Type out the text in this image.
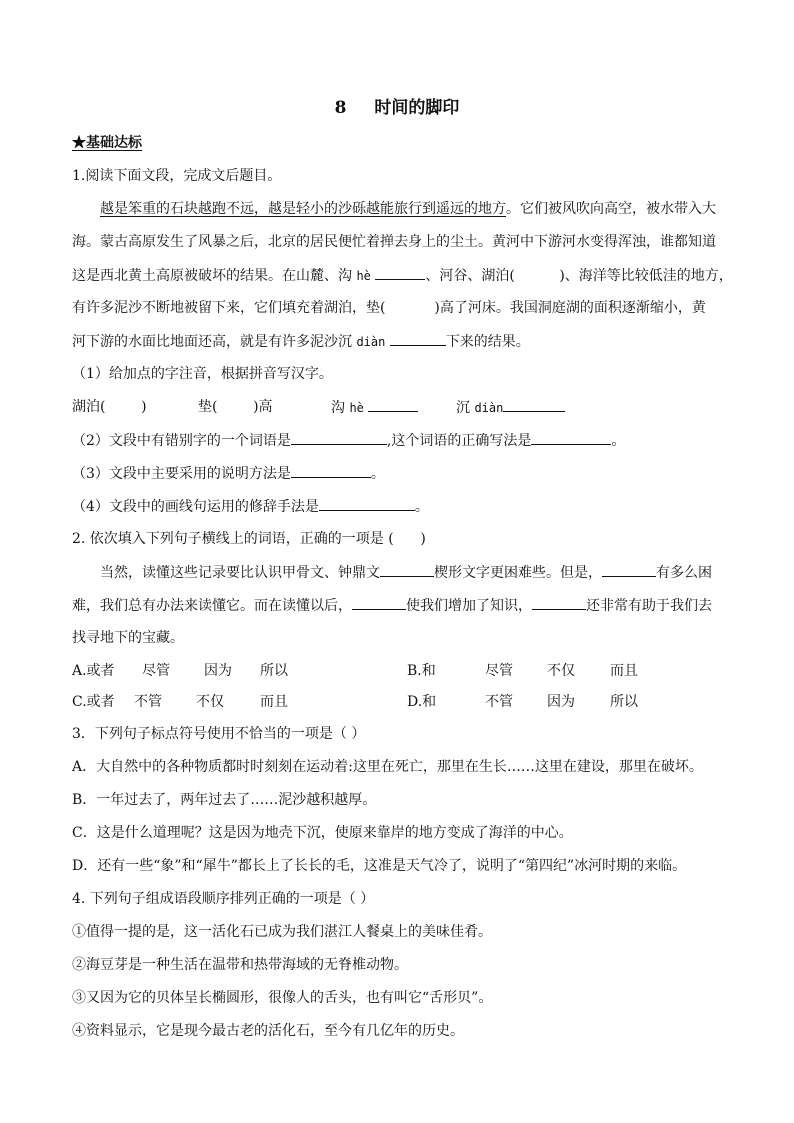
8 时间的脚印
★基础达标
1.阅读下面文段，完成文后题目。
越是笨重的石块越跑不远，越是轻小的沙砾越能旅行到遥远的地方。它们被风吹向高空，被水带入大
海。蒙古高原发生了风暴之后，北京的居民便忙着掸去身上的尘土。黄河中下游河水变得浑浊，谁都知道
这是西北黄土高原被破坏的结果。在山麓、沟 hè	、河谷、湖泊(	)、海洋等比较低洼的地方，
有许多泥沙不断地被留下来，它们填充着湖泊，垫(	)高了河床。我国洞庭湖的面积逐渐缩小，黄
河下游的水面比地面还高，就是有许多泥沙沉 diàn	下来的结果。
（1）给加点的字注音，根据拼音写汉字。
湖泊(	)	垫(	)高	沟 hè	沉 diàn
（2）文段中有错别字的一个词语是	,这个词语的正确写法是	。
（3）文段中主要采用的说明方法是	。
（4）文段中的画线句运用的修辞手法是	。
2. 依次填入下列句子横线上的词语，正确的一项是 (      )
当然，读懂这些记录要比认识甲骨文、钟鼎文	楔形文字更困难些。但是，	有多么困
难，我们总有办法来读懂它。而在读懂以后，	使我们增加了知识，	还非常有助于我们去
找寻地下的宝藏。
A.或者 尽管 因为 所以	B.和	尽管 不仅	而且
C.或者 不管 不仅	而且	D.和	不管 因为	所以
3．下列句子标点符号使用不恰当的一项是（ ）
A．大自然中的各种物质都时时刻刻在运动着:这里在死亡，那里在生长……这里在建设，那里在破坏。
B．一年过去了，两年过去了……泥沙越积越厚。
C．这是什么道理呢？这是因为地壳下沉，使原来靠岸的地方变成了海洋的中心。
D．还有一些“象”和“犀牛”都长上了长长的毛，这准是天气冷了，说明了“第四纪”冰河时期的来临。
4. 下列句子组成语段顺序排列正确的一项是（ ）
①值得一提的是，这一活化石已成为我们湛江人餐桌上的美味佳肴。
②海豆芽是一种生活在温带和热带海域的无脊椎动物。
③又因为它的贝体呈长椭圆形，很像人的舌头，也有叫它“舌形贝”。
④资料显示，它是现今最古老的活化石，至今有几亿年的历史。
